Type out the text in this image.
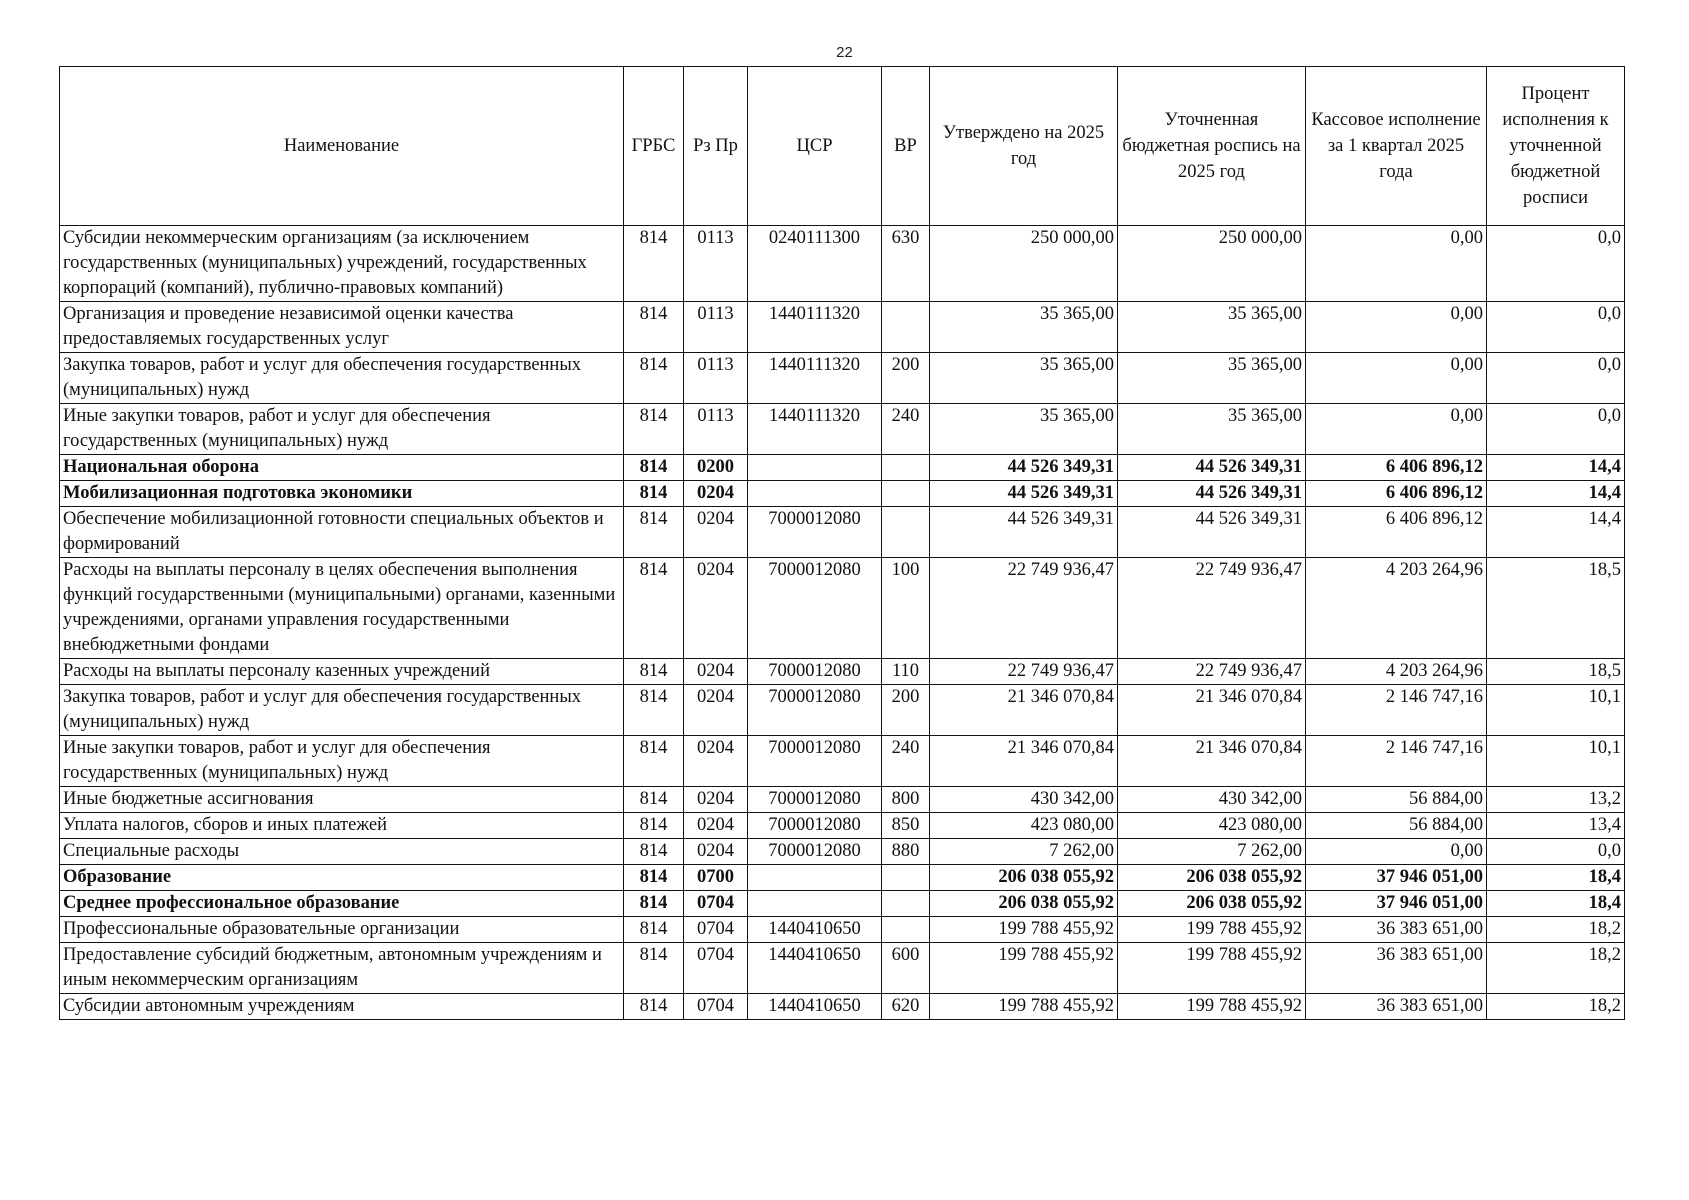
22
Наименование	ГРБС	Рз Пр	ЦСР	ВР	Утверждено на 2025 год	Уточненная бюджетная роспись на 2025 год	Кассовое исполнение за 1 квартал 2025 года	Процент исполнения к уточненной бюджетной росписи
Субсидии некоммерческим организациям (за исключением государственных (муниципальных) учреждений, государственных корпораций (компаний), публично-правовых компаний)	814	0113	0240111300	630	250 000,00	250 000,00	0,00	0,0
Организация и проведение независимой оценки качества предоставляемых государственных услуг	814	0113	1440111320		35 365,00	35 365,00	0,00	0,0
Закупка товаров, работ и услуг для обеспечения государственных (муниципальных) нужд	814	0113	1440111320	200	35 365,00	35 365,00	0,00	0,0
Иные закупки товаров, работ и услуг для обеспечения государственных (муниципальных) нужд	814	0113	1440111320	240	35 365,00	35 365,00	0,00	0,0
Национальная оборона	814	0200			44 526 349,31	44 526 349,31	6 406 896,12	14,4
Мобилизационная подготовка экономики	814	0204			44 526 349,31	44 526 349,31	6 406 896,12	14,4
Обеспечение мобилизационной готовности специальных объектов и формирований	814	0204	7000012080		44 526 349,31	44 526 349,31	6 406 896,12	14,4
Расходы на выплаты персоналу в целях обеспечения выполнения функций государственными (муниципальными) органами, казенными учреждениями, органами управления государственными внебюджетными фондами	814	0204	7000012080	100	22 749 936,47	22 749 936,47	4 203 264,96	18,5
Расходы на выплаты персоналу казенных учреждений	814	0204	7000012080	110	22 749 936,47	22 749 936,47	4 203 264,96	18,5
Закупка товаров, работ и услуг для обеспечения государственных (муниципальных) нужд	814	0204	7000012080	200	21 346 070,84	21 346 070,84	2 146 747,16	10,1
Иные закупки товаров, работ и услуг для обеспечения государственных (муниципальных) нужд	814	0204	7000012080	240	21 346 070,84	21 346 070,84	2 146 747,16	10,1
Иные бюджетные ассигнования	814	0204	7000012080	800	430 342,00	430 342,00	56 884,00	13,2
Уплата налогов, сборов и иных платежей	814	0204	7000012080	850	423 080,00	423 080,00	56 884,00	13,4
Специальные расходы	814	0204	7000012080	880	7 262,00	7 262,00	0,00	0,0
Образование	814	0700			206 038 055,92	206 038 055,92	37 946 051,00	18,4
Среднее профессиональное образование	814	0704			206 038 055,92	206 038 055,92	37 946 051,00	18,4
Профессиональные образовательные организации	814	0704	1440410650		199 788 455,92	199 788 455,92	36 383 651,00	18,2
Предоставление субсидий бюджетным, автономным учреждениям и иным некоммерческим организациям	814	0704	1440410650	600	199 788 455,92	199 788 455,92	36 383 651,00	18,2
Субсидии автономным учреждениям	814	0704	1440410650	620	199 788 455,92	199 788 455,92	36 383 651,00	18,2
